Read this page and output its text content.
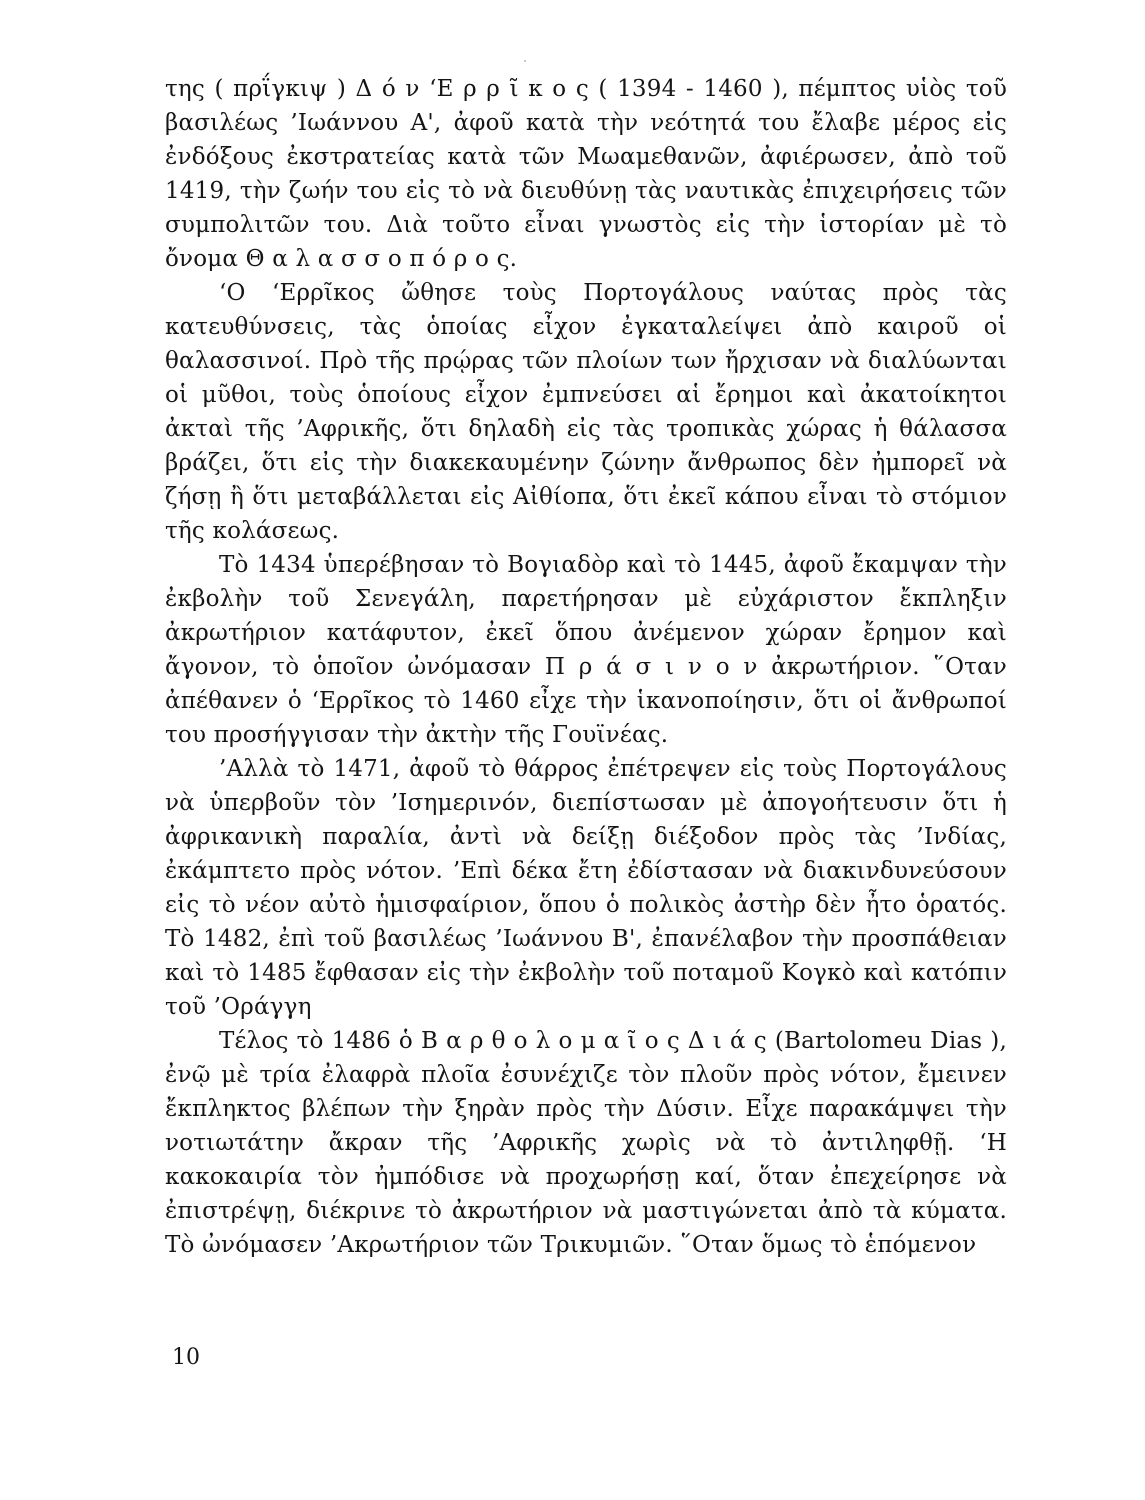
της ( πρΐγκιψ ) Δ ό ν ‘Ε ρ ρ ῖ κ ο ς ( 1394 - 1460 ), πέμπτος υἱὸς τοῦ βασιλέως ’Ιωάννου Α', ἀφοῦ κατὰ τὴν νεότητά του ἔλαβε μέρος εἰς ἐνδόξους ἐκστρατείας κατὰ τῶν Μωαμεθανῶν, ἀφιέρωσεν, ἀπὸ τοῦ 1419, τὴν ζωήν του εἰς τὸ νὰ διευθύνῃ τὰς ναυτικὰς ἐπιχειρήσεις τῶν συμπολιτῶν του. Διὰ τοῦτο εἶναι γνωστὸς εἰς τὴν ἱστορίαν μὲ τὸ ὄνομα Θ α λ α σ σ ο π ό ρ ο ς.

‘Ο ‘Ερρῖκος ὤθησε τοὺς Πορτογάλους ναύτας πρὸς τὰς κατευθύνσεις, τὰς ὁποίας εἶχον ἐγκαταλείψει ἀπὸ καιροῦ οἱ θαλασσινοί. Πρὸ τῆς πρῴρας τῶν πλοίων των ἤρχισαν νὰ διαλύωνται οἱ μῦθοι, τοὺς ὁποίους εἶχον ἐμπνεύσει αἱ ἔρημοι καὶ ἀκατοίκητοι ἀκταὶ τῆς ’Αφρικῆς, ὅτι δηλαδὴ εἰς τὰς τροπικὰς χώρας ἡ θάλασσα βράζει, ὅτι εἰς τὴν διακεκαυμένην ζώνην ἄνθρωπος δὲν ἠμπορεῖ νὰ ζήσῃ ἢ ὅτι μεταβάλλεται εἰς Αἰθίοπα, ὅτι ἐκεῖ κάπου εἶναι τὸ στόμιον τῆς κολάσεως.

Τὸ 1434 ὑπερέβησαν τὸ Βογιαδὸρ καὶ τὸ 1445, ἀφοῦ ἔκαμψαν τὴν ἐκβολὴν τοῦ Σενεγάλη, παρετήρησαν μὲ εὐχάριστον ἔκπληξιν ἀκρωτήριον κατάφυτον, ἐκεῖ ὅπου ἀνέμενον χώραν ἔρημον καὶ ἄγονον, τὸ ὁποῖον ὠνόμασαν Π ρ ά σ ι ν ο ν ἀκρωτήριον. ῞Οταν ἀπέθανεν ὁ ‘Ερρῖκος τὸ 1460 εἶχε τὴν ἱκανοποίησιν, ὅτι οἱ ἄνθρωποί του προσήγγισαν τὴν ἀκτὴν τῆς Γουϊνέας.

’Αλλὰ τὸ 1471, ἀφοῦ τὸ θάρρος ἐπέτρεψεν εἰς τοὺς Πορτογάλους νὰ ὑπερβοῦν τὸν ’Ισημερινόν, διεπίστωσαν μὲ ἀπογοήτευσιν ὅτι ἡ ἀφρικανικὴ παραλία, ἀντὶ νὰ δείξῃ διέξοδον πρὸς τὰς ’Ινδίας, ἐκάμπτετο πρὸς νότον. ’Επὶ δέκα ἔτη ἐδίστασαν νὰ διακινδυνεύσουν εἰς τὸ νέον αὐτὸ ἡμισφαίριον, ὅπου ὁ πολικὸς ἀστὴρ δὲν ἦτο ὁρατός. Τὸ 1482, ἐπὶ τοῦ βασιλέως ’Ιωάννου Β', ἐπανέλαβον τὴν προσπάθειαν καὶ τὸ 1485 ἔφθασαν εἰς τὴν ἐκβολὴν τοῦ ποταμοῦ Κογκὸ καὶ κατόπιν τοῦ ’Οράγγη

Τέλος τὸ 1486 ὁ Β α ρ θ ο λ ο μ α ῖ ο ς Δ ι ά ς (Bartolomeu Dias ), ἐνῷ μὲ τρία ἐλαφρὰ πλοῖα ἐσυνέχιζε τὸν πλοῦν πρὸς νότον, ἔμεινεν ἔκπληκτος βλέπων τὴν ξηρὰν πρὸς τὴν Δύσιν. Εἶχε παρακάμψει τὴν νοτιωτάτην ἄκραν τῆς ’Αφρικῆς χωρὶς νὰ τὸ ἀντιληφθῇ. ‘Η κακοκαιρία τὸν ἠμπόδισε νὰ προχωρήσῃ καί, ὅταν ἐπεχείρησε νὰ ἐπιστρέψῃ, διέκρινε τὸ ἀκρωτήριον νὰ μαστιγώνεται ἀπὸ τὰ κύματα. Τὸ ὠνόμασεν ’Ακρωτήριον τῶν Τρικυμιῶν. ῞Οταν ὅμως τὸ ἑπόμενον

10
